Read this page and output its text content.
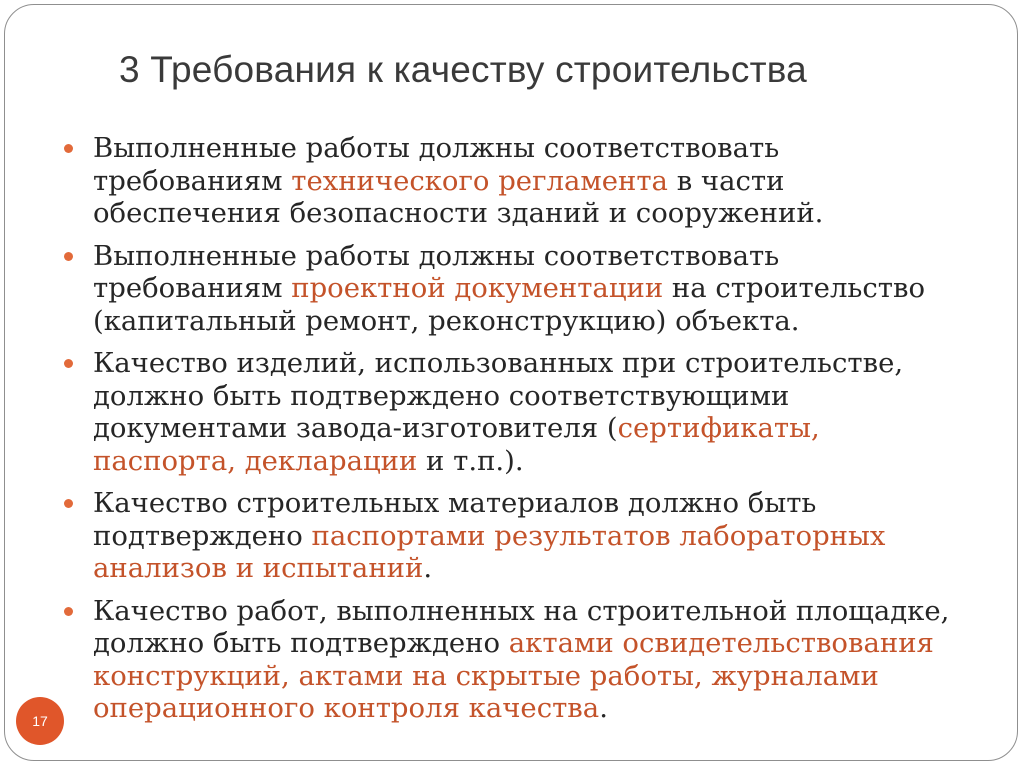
3 Требования к качеству строительства
Выполненные работы должны соответствовать
требованиям технического регламента в части
обеспечения безопасности зданий и сооружений.
Выполненные работы должны соответствовать
требованиям проектной документации на строительство
(капитальный ремонт, реконструкцию) объекта.
Качество изделий, использованных при строительстве,
должно быть подтверждено соответствующими
документами завода-изготовителя (сертификаты,
паспорта, декларации и т.п.).
Качество строительных материалов должно быть
подтверждено паспортами результатов лабораторных
анализов и испытаний.
Качество работ, выполненных на строительной площадке,
должно быть подтверждено актами освидетельствования
конструкций, актами на скрытые работы, журналами
операционного контроля качества.
17
